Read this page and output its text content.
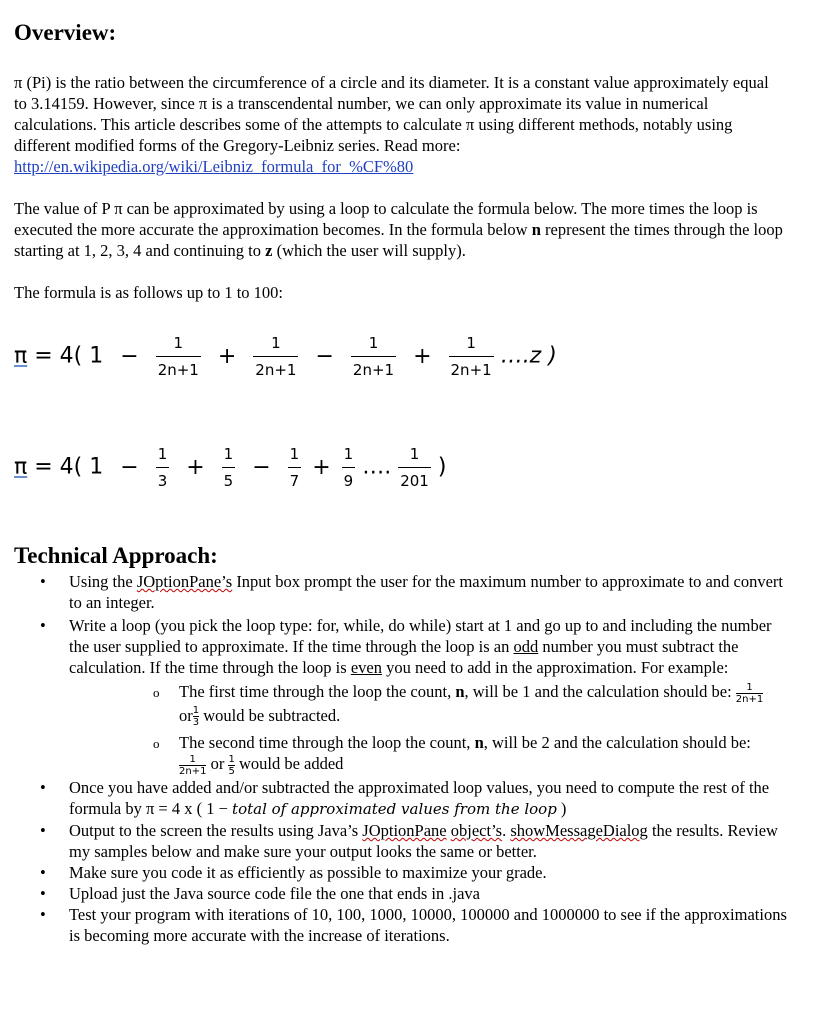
Overview:

π (Pi) is the ratio between the circumference of a circle and its diameter. It is a constant value approximately equal to 3.14159. However, since π is a transcendental number, we can only approximate its value in numerical calculations. This article describes some of the attempts to calculate π using different methods, notably using different modified forms of the Gregory-Leibniz series. Read more: http://en.wikipedia.org/wiki/Leibniz_formula_for_%CF%80

The value of P π can be approximated by using a loop to calculate the formula below. The more times the loop is executed the more accurate the approximation becomes. In the formula below n represent the times through the loop starting at 1, 2, 3, 4 and continuing to z (which the user will supply).

The formula is as follows up to 1 to 100:
π = 4( $1 - \frac{1}{2n+1} + \frac{1}{2n+1} - \frac{1}{2n+1} + \frac{1}{2n+1}$ ….z )
π = 4( $1 - \frac{1}{3} + \frac{1}{5} - \frac{1}{7} + \frac{1}{9}$ …. $\frac{1}{201}$ )
Technical Approach:
• Using the JOptionPane’s Input box prompt the user for the maximum number to approximate to and convert to an integer.
• Write a loop (you pick the loop type: for, while, do while) start at 1 and go up to and including the number the user supplied to approximate. If the time through the loop is an odd number you must subtract the calculation. If the time through the loop is even you need to add in the approximation. For example:
o The first time through the loop the count, n, will be 1 and the calculation should be: $\frac{1}{2n+1}$

or $\frac{1}{3}$ would be subtracted.
o The second time through the loop the count, n, will be 2 and the calculation should be:

$\frac{1}{2n+1}$ or $\frac{1}{5}$ would be added
• Once you have added and/or subtracted the approximated loop values, you need to compute the rest of the formula by π = 4 x ( 1 − total of approximated values from the loop )
• Output to the screen the results using Java’s JOptionPane object’s. showMessageDialog the results. Review my samples below and make sure your output looks the same or better.
• Make sure you code it as efficiently as possible to maximize your grade.
• Upload just the Java source code file the one that ends in .java
• Test your program with iterations of 10, 100, 1000, 10000, 100000 and 1000000 to see if the approximations is becoming more accurate with the increase of iterations.
